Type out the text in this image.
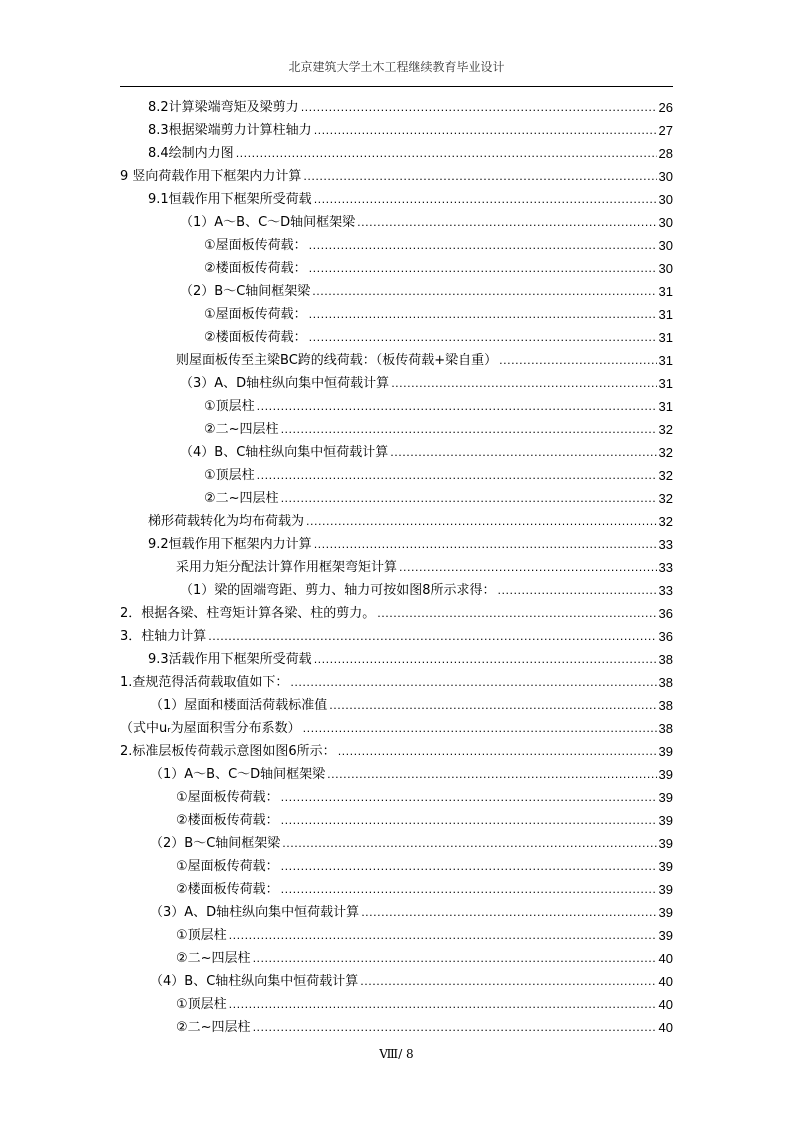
北京建筑大学土木工程继续教育毕业设计
8.2计算梁端弯矩及梁剪力 .....	26
8.3根据梁端剪力计算柱轴力 .....	27
8.4绘制内力图 .....	28
9 竖向荷载作用下框架内力计算 .....	30
9.1恒载作用下框架所受荷载 .....	30
（1）A～B、C～D轴间框架梁 .....	30
①屋面板传荷载： .....	30
②楼面板传荷载： .....	30
（2）B～C轴间框架梁 .....	31
①屋面板传荷载： .....	31
②楼面板传荷载： .....	31
则屋面板传至主梁BC跨的线荷载：（板传荷载+梁自重） .....	31
（3）A、D轴柱纵向集中恒荷载计算 .....	31
①顶层柱 .....	31
②二~四层柱 .....	32
（4）B、C轴柱纵向集中恒荷载计算 .....	32
①顶层柱 .....	32
②二~四层柱 .....	32
梯形荷载转化为均布荷载为 .....	32
9.2恒载作用下框架内力计算 .....	33
采用力矩分配法计算作用框架弯矩计算 .....	33
（1）梁的固端弯距、剪力、轴力可按如图8所示求得： .....	33
2．根据各梁、柱弯矩计算各梁、柱的剪力。 .....	36
3．柱轴力计算 .....	36
9.3活载作用下框架所受荷载 .....	38
1.查规范得活荷载取值如下： .....	38
（1）屋面和楼面活荷载标准值 .....	38
（式中uᵣ为屋面积雪分布系数） .....	38
2.标准层板传荷载示意图如图6所示： .....	39
（1）A～B、C～D轴间框架梁 .....	39
①屋面板传荷载： .....	39
②楼面板传荷载： .....	39
（2）B～C轴间框架梁 .....	39
①屋面板传荷载： .....	39
②楼面板传荷载： .....	39
（3）A、D轴柱纵向集中恒荷载计算 .....	39
①顶层柱 .....	39
②二~四层柱 .....	40
（4）B、C轴柱纵向集中恒荷载计算 .....	40
①顶层柱 .....	40
②二~四层柱 .....	40
Ⅷ/ 8
